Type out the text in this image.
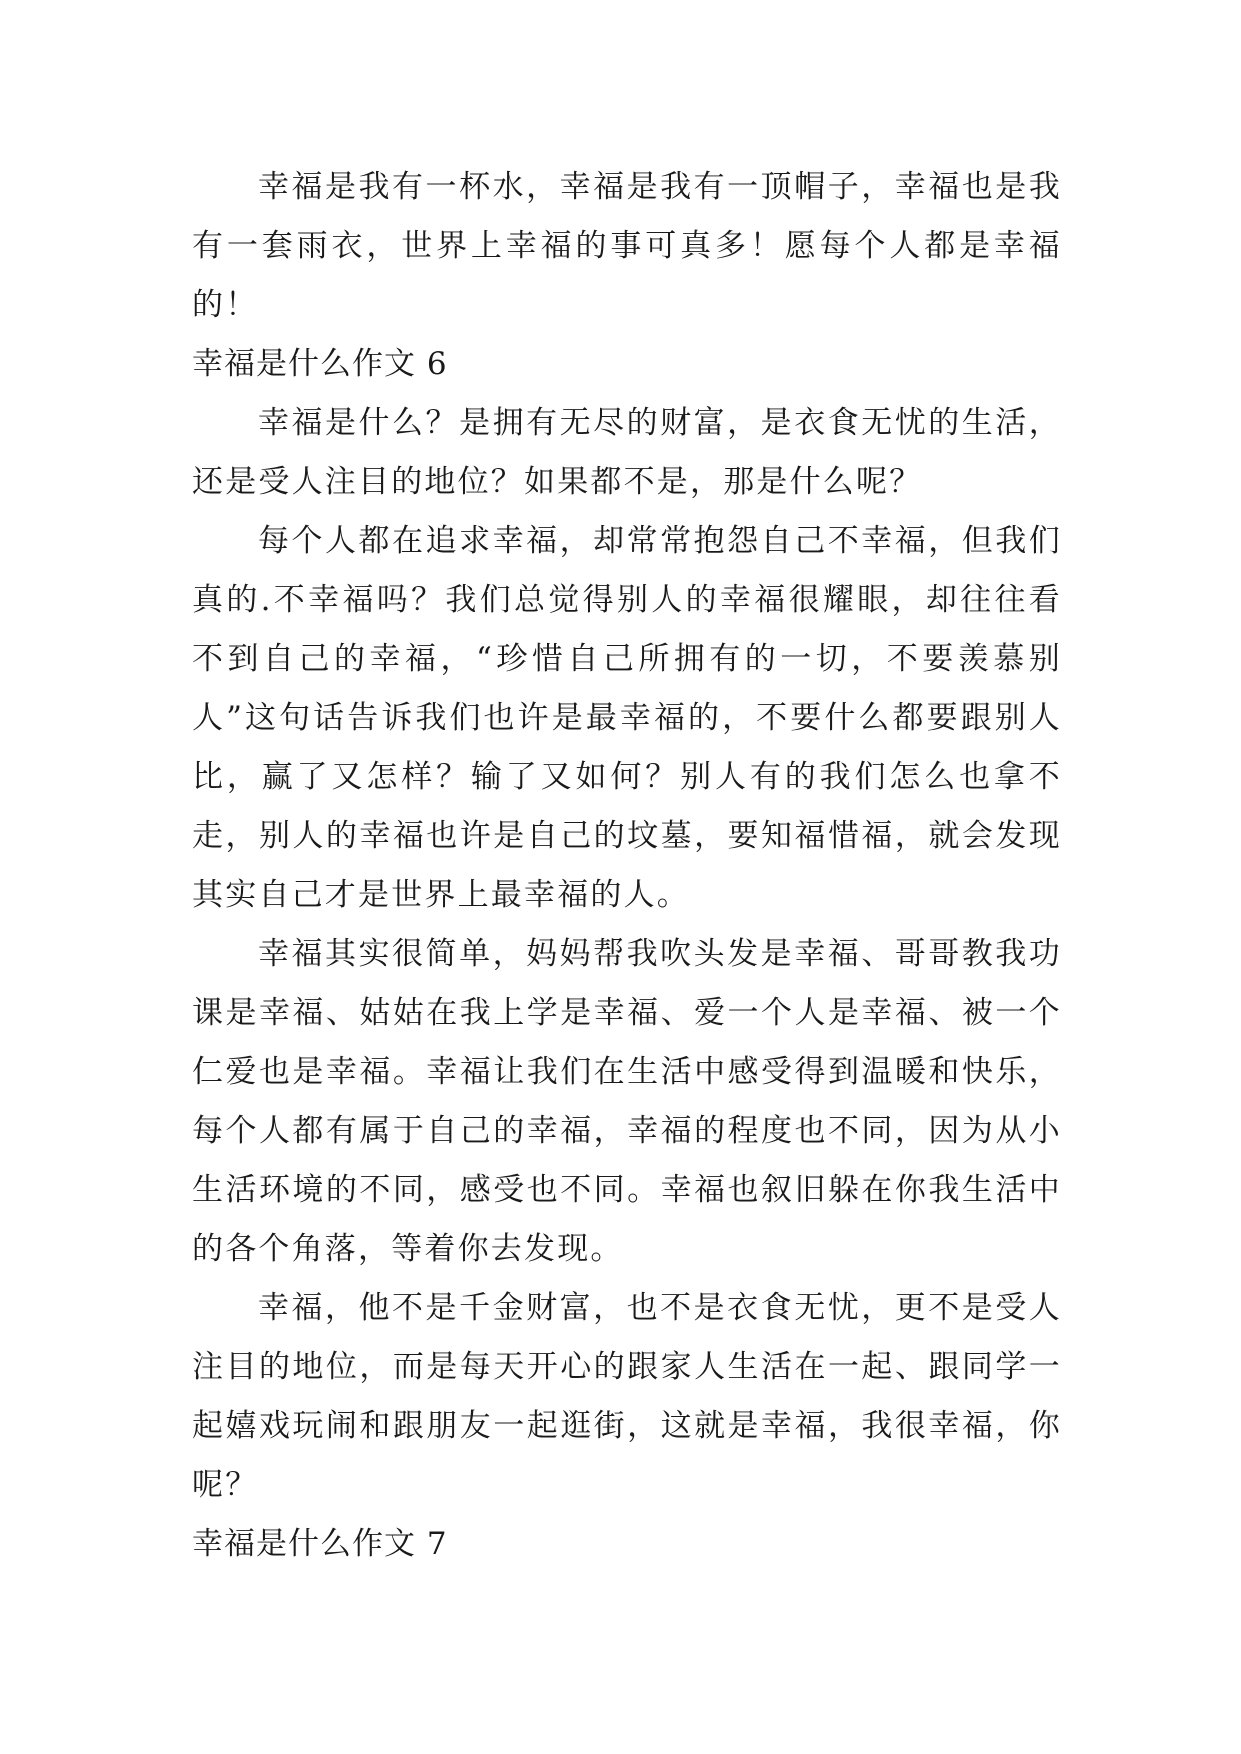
幸福是我有一杯水，幸福是我有一顶帽子，幸福也是我有一套雨衣，世界上幸福的事可真多！愿每个人都是幸福的！

幸福是什么作文 6

幸福是什么？是拥有无尽的财富，是衣食无忧的生活，还是受人注目的地位？如果都不是，那是什么呢？

每个人都在追求幸福，却常常抱怨自己不幸福，但我们真的.不幸福吗？我们总觉得别人的幸福很耀眼，却往往看不到自己的幸福，“珍惜自己所拥有的一切，不要羡慕别人”这句话告诉我们也许是最幸福的，不要什么都要跟别人比，赢了又怎样？输了又如何？别人有的我们怎么也拿不走，别人的幸福也许是自己的坟墓，要知福惜福，就会发现其实自己才是世界上最幸福的人。

幸福其实很简单，妈妈帮我吹头发是幸福、哥哥教我功课是幸福、姑姑在我上学是幸福、爱一个人是幸福、被一个仁爱也是幸福。幸福让我们在生活中感受得到温暖和快乐，每个人都有属于自己的幸福，幸福的程度也不同，因为从小生活环境的不同，感受也不同。幸福也叙旧躲在你我生活中的各个角落，等着你去发现。

幸福，他不是千金财富，也不是衣食无忧，更不是受人注目的地位，而是每天开心的跟家人生活在一起、跟同学一起嬉戏玩闹和跟朋友一起逛街，这就是幸福，我很幸福，你呢？

幸福是什么作文 7
